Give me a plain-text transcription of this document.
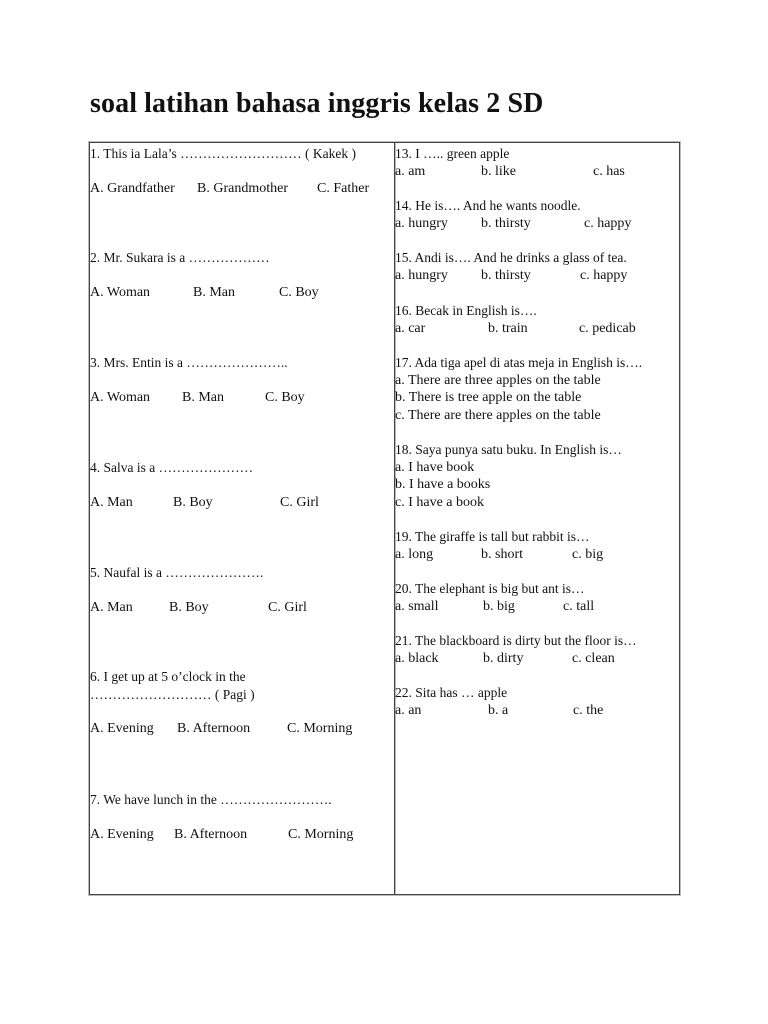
soal latihan bahasa inggris kelas 2 SD
1. This ia Lala’s ……………………… ( Kakek )
A. Grandfather	B. Grandmother	C. Father
2. Mr. Sukara is a ………………
A. Woman	B. Man	C. Boy
3. Mrs. Entin is a …………………..
A. Woman	B. Man	C. Boy
4. Salva is a …………………
A. Man	B. Boy	C. Girl
5. Naufal is a ………………….
A. Man	B. Boy	C. Girl
6. I get up at 5 o’clock in the
……………………… ( Pagi )
A. Evening	B. Afternoon	C. Morning
7. We have lunch in the …………………….
A. Evening	B. Afternoon	C. Morning
13. I ….. green apple
a. am	b. like	c. has
14. He is…. And he wants noodle.
a. hungry	b. thirsty	c. happy
15. Andi is…. And he drinks a glass of tea.
a. hungry	b. thirsty	c. happy
16. Becak in English is….
a. car	b. train	c. pedicab
17. Ada tiga apel di atas meja in English is….
a. There are three apples on the table
b. There is tree apple on the table
c. There are there apples on the table
18. Saya punya satu buku. In English is…
a. I have book
b. I have a books
c. I have a book
19. The giraffe is tall but rabbit is…
a. long	b. short	c. big
20. The elephant is big but ant is…
a. small	b. big	c. tall
21. The blackboard is dirty but the floor is…
a. black	b. dirty	c. clean
22. Sita has … apple
a. an	b. a	c. the
